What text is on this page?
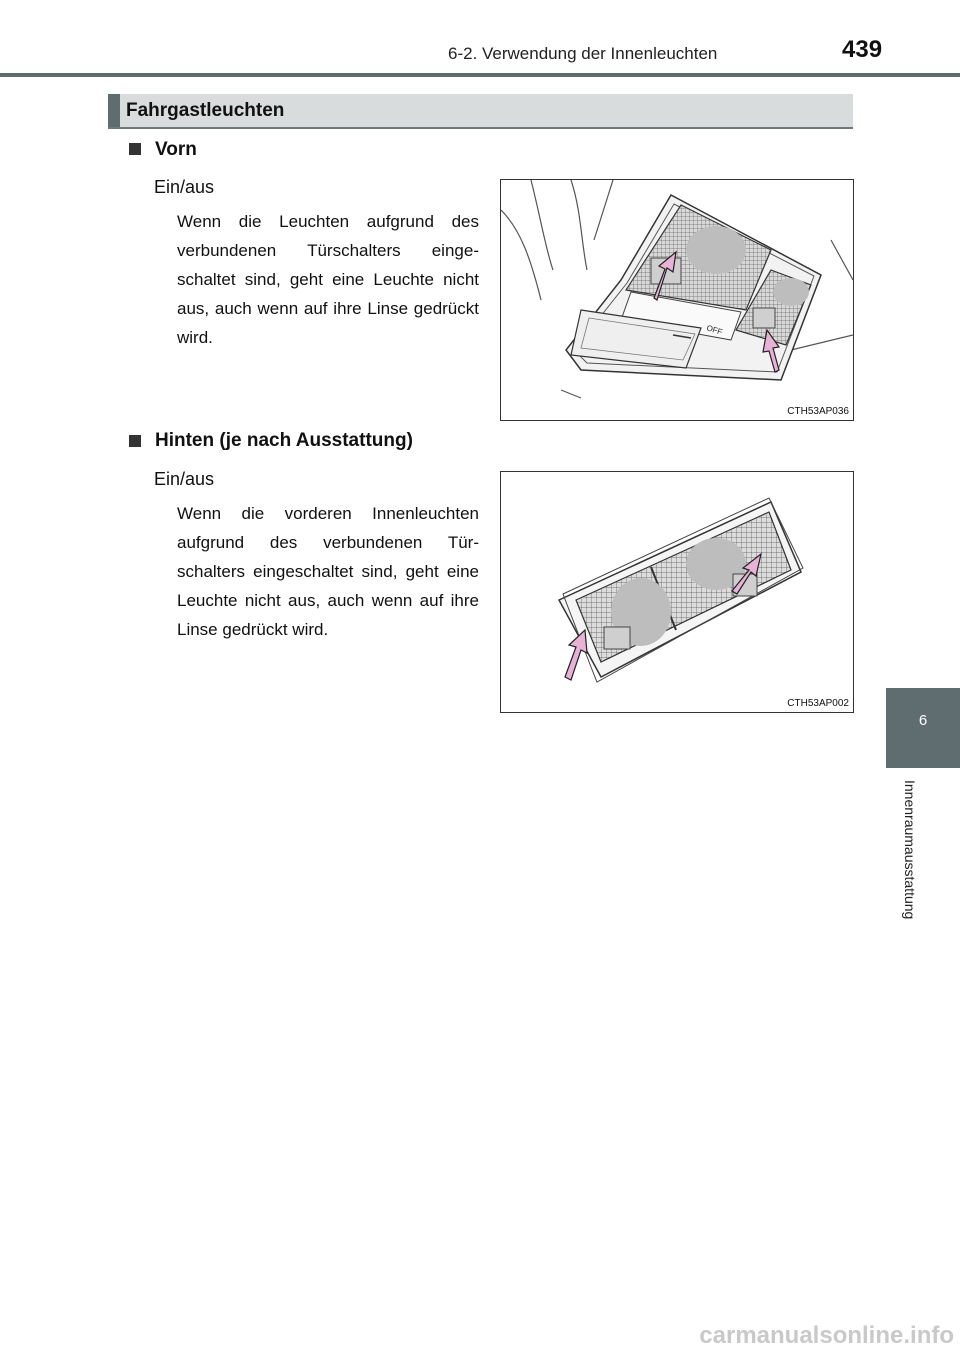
6-2. Verwendung der Innenleuchten	439
Fahrgastleuchten
Vorn
Ein/aus
Wenn die Leuchten aufgrund des verbundenen Türschalters einge-schaltet sind, geht eine Leuchte nicht aus, auch wenn auf ihre Linse gedrückt wird.	OFF
CTH53AP036
Hinten (je nach Ausstattung)
Ein/aus
Wenn die vorderen Innenleuchten aufgrund des verbundenen Tür-schalters eingeschaltet sind, geht eine Leuchte nicht aus, auch wenn auf ihre Linse gedrückt wird.
CTH53AP002
6
Innenraumausstattung
carmanualsonline.info
